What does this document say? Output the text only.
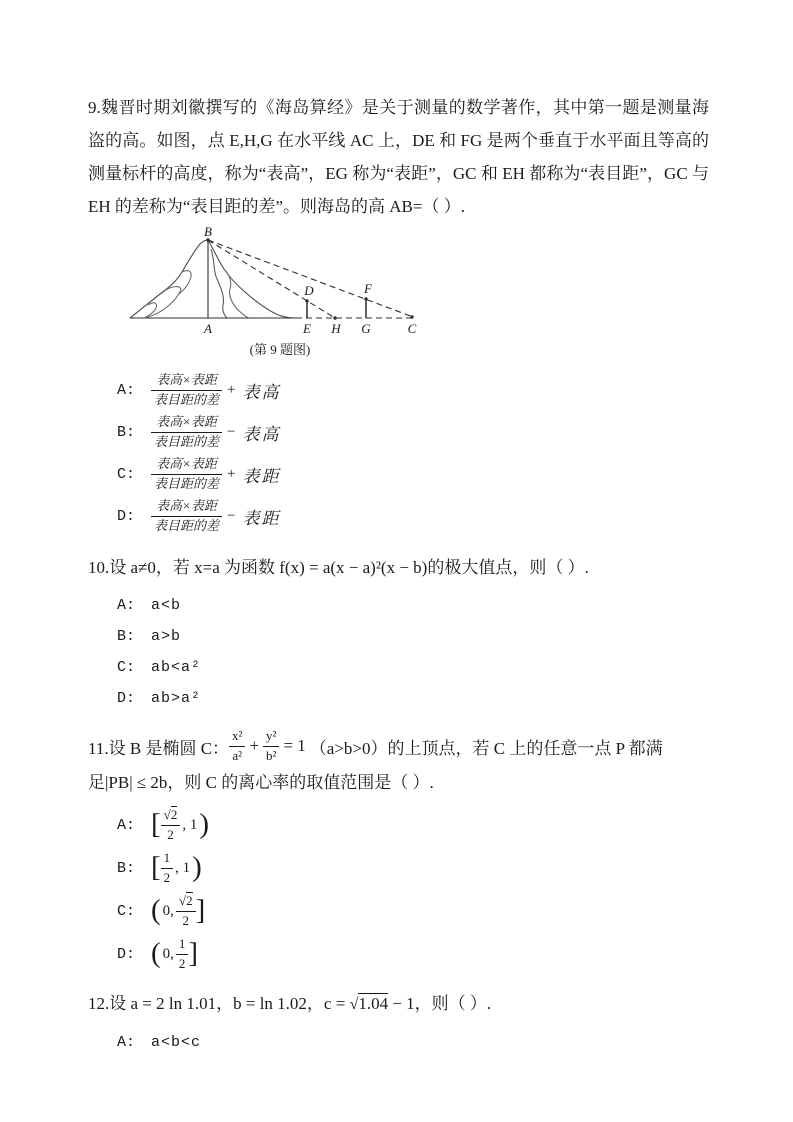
9.魏晋时期刘徽撰写的《海岛算经》是关于测量的数学著作，其中第一题是测量海盗的高。如图，点 E,H,G 在水平线 AC 上，DE 和 FG 是两个垂直于水平面且等高的测量标杆的高度，称为“表高”，EG 称为“表距”，GC 和 EH 都称为“表目距”，GC 与 EH 的差称为“表目距的差”。则海岛的高 AB=（ ）.
B
A
D
E H
F
G	C
(第 9 题图)
A:	$\frac{\text{表高×表距}}{\text{表目距的差}}$ + 表高
B:	$\frac{\text{表高×表距}}{\text{表目距的差}}$ − 表高
C:	$\frac{\text{表高×表距}}{\text{表目距的差}}$ + 表距
D:	$\frac{\text{表高×表距}}{\text{表目距的差}}$ − 表距
10.设 a≠0，若 x=a 为函数 f(x) = a(x − a)²(x − b)的极大值点，则（ ）.
A:	a<b
B:	a>b
C:	ab<a²
D:	ab>a²
11.设 B 是椭圆 C： $\frac{\text{x²}}{\text{a²}} + \frac{\text{y²}}{\text{b²}} = 1$ （a>b>0）的上顶点，若 C 上的任意一点 P 都满
足|PB| ≤ 2b，则 C 的离心率的取值范围是（ ）.
A: [ $\frac{√2}{2}$ , 1 )
B: [ $\frac{1}{2}$ , 1 )
C: ( 0, $\frac{√2}{2}$ ]
D: ( 0, $\frac{1}{2}$ ]
12.设 a = 2 ln 1.01，b = ln 1.02，c = √1.04 − 1，则（ ）.
A:	a<b<c
